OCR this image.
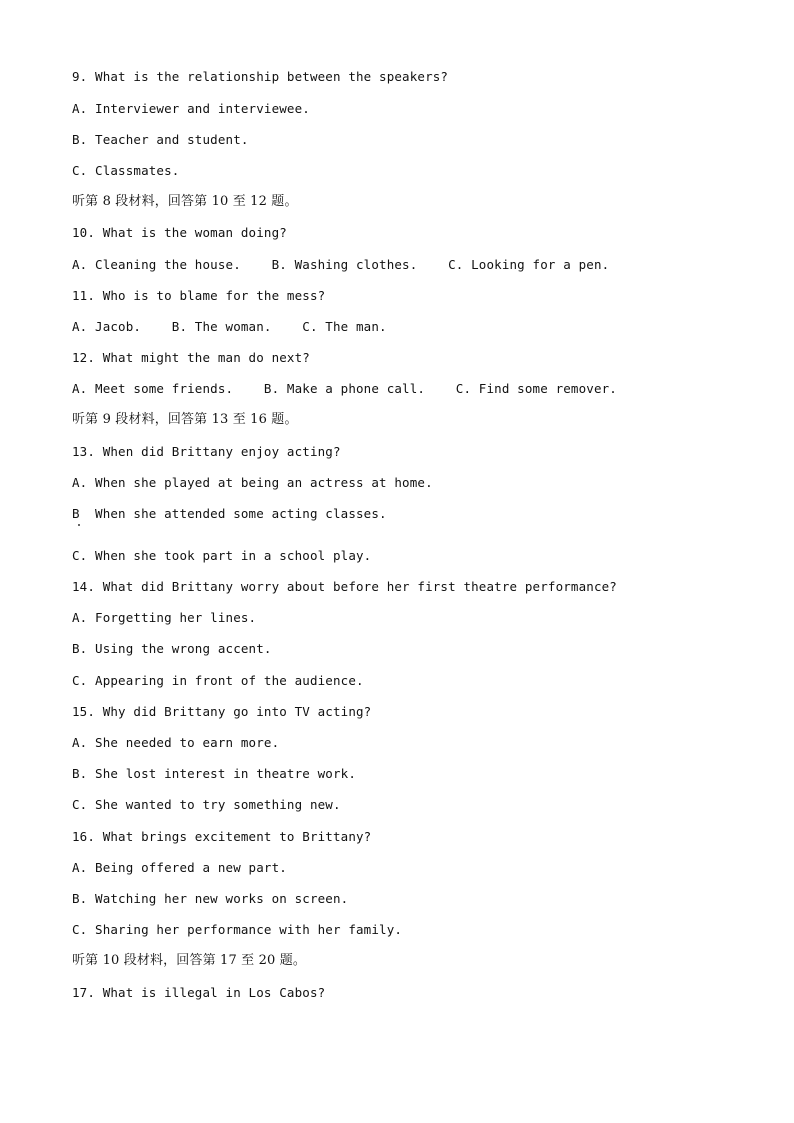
9. What is the relationship between the speakers?
A. Interviewer and interviewee.
B. Teacher and student.
C. Classmates.
听第 8 段材料，回答第 10 至 12 题。
10. What is the woman doing?
A. Cleaning the house.    B. Washing clothes.    C. Looking for a pen.
11. Who is to blame for the mess?
A. Jacob.    B. The woman.    C. The man.
12. What might the man do next?
A. Meet some friends.    B. Make a phone call.    C. Find some remover.
听第 9 段材料，回答第 13 至 16 题。
13. When did Brittany enjoy acting?
A. When she played at being an actress at home.
B  When she attended some acting classes.
C. When she took part in a school play.
14. What did Brittany worry about before her first theatre performance?
A. Forgetting her lines.
B. Using the wrong accent.
C. Appearing in front of the audience.
15. Why did Brittany go into TV acting?
A. She needed to earn more.
B. She lost interest in theatre work.
C. She wanted to try something new.
16. What brings excitement to Brittany?
A. Being offered a new part.
B. Watching her new works on screen.
C. Sharing her performance with her family.
听第 10 段材料，回答第 17 至 20 题。
17. What is illegal in Los Cabos?
